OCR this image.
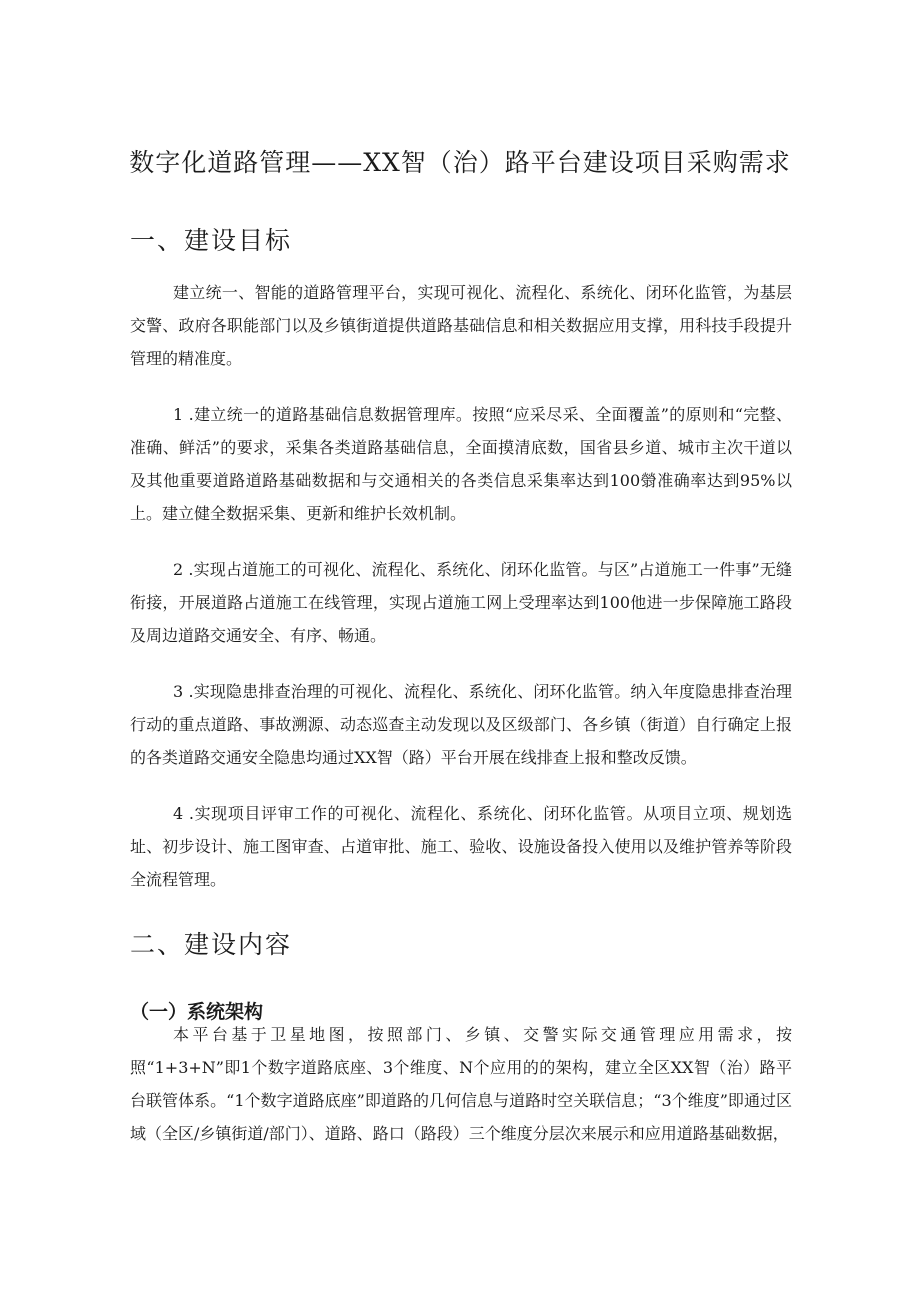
数字化道路管理——XX智（治）路平台建设项目采购需求
一、建设目标

建立统一、智能的道路管理平台，实现可视化、流程化、系统化、闭环化监管，为基层交警、政府各职能部门以及乡镇街道提供道路基础信息和相关数据应用支撑，用科技手段提升管理的精准度。

1 .建立统一的道路基础信息数据管理库。按照“应采尽采、全面覆盖”的原则和“完整、准确、鲜活”的要求，采集各类道路基础信息，全面摸清底数，国省县乡道、城市主次干道以及其他重要道路道路基础数据和与交通相关的各类信息采集率达到100䎕准确率达到95%以上。建立健全数据采集、更新和维护长效机制。

2 .实现占道施工的可视化、流程化、系统化、闭环化监管。与区”占道施工一件事”无缝衔接，开展道路占道施工在线管理，实现占道施工网上受理率达到100他进一步保障施工路段及周边道路交通安全、有序、畅通。

3 .实现隐患排查治理的可视化、流程化、系统化、闭环化监管。纳入年度隐患排查治理行动的重点道路、事故溯源、动态巡查主动发现以及区级部门、各乡镇（街道）自行确定上报的各类道路交通安全隐患均通过XX智（路）平台开展在线排查上报和整改反馈。

4 .实现项目评审工作的可视化、流程化、系统化、闭环化监管。从项目立项、规划选址、初步设计、施工图审查、占道审批、施工、验收、设施设备投入使用以及维护管养等阶段全流程管理。

二、建设内容
（一）系统架构

本平台基于卫星地图，按照部门、乡镇、交警实际交通管理应用需求，按照“1+3+N”即1个数字道路底座、3个维度、N个应用的的架构，建立全区XX智（治）路平台联管体系。“1个数字道路底座”即道路的几何信息与道路时空关联信息；“3个维度”即通过区域（全区/乡镇街道/部门）、道路、路口（路段）三个维度分层次来展示和应用道路基础数据，
